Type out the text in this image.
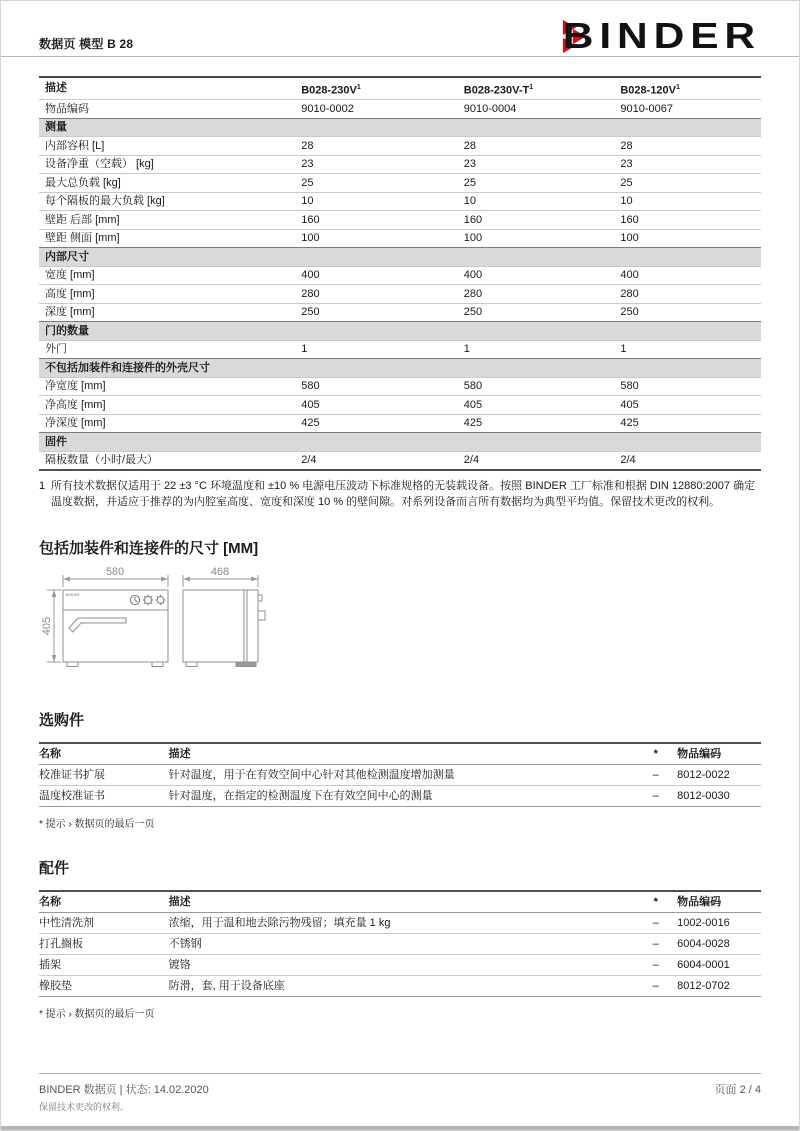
数据页 模型 B 28	BINDER
描述	$B028-230V^1$	$B028-230V-T^1$	$B028-120V^1$
物品编码	9010-0002	9010-0004	9010-0067
测量			
内部容积 [L]	28	28	28
设备净重（空载） [kg]	23	23	23
最大总负载 [kg]	25	25	25
每个隔板的最大负载 [kg]	10	10	10
壁距 后部 [mm]	160	160	160
壁距 侧面 [mm]	100	100	100
内部尺寸			
宽度 [mm]	400	400	400
高度 [mm]	280	280	280
深度 [mm]	250	250	250
门的数量			
外门	1	1	1
不包括加装件和连接件的外壳尺寸			
净宽度 [mm]	580	580	580
净高度 [mm]	405	405	405
净深度 [mm]	425	425	425
固件			
隔板数量（小时/最大）	2/4	2/4	2/4
1 所有技术数据仅适用于 22 ±3 °C 环境温度和 ±10 % 电源电压波动下标准规格的无装载设备。按照 BINDER 工厂标准和根据 DIN 12880:2007 确定温度数据，并适应于推荐的为内腔室高度、宽度和深度 10 % 的壁间隙。对系列设备而言所有数据均为典型平均值。保留技术更改的权利。
包括加装件和连接件的尺寸 [MM]
580
405
BINDER
468
选购件
名称	描述	*	物品编码
校准证书扩展	针对温度，用于在有效空间中心针对其他检测温度增加测量	–	8012-0022
温度校准证书	针对温度，在指定的检测温度下在有效空间中心的测量	–	8012-0030
* 提示 › 数据页的最后一页
配件
名称	描述	*	物品编码
中性清洗剂	浓缩，用于温和地去除污物残留；填充量 1 kg	–	1002-0016
打孔搁板	不锈钢	–	6004-0028
插架	镀铬	–	6004-0001
橡胶垫	防滑，套, 用于设备底座	–	8012-0702
* 提示 › 数据页的最后一页
BINDER 数据页 | 状态: 14.02.2020
保留技术更改的权利。
页面 2 / 4
